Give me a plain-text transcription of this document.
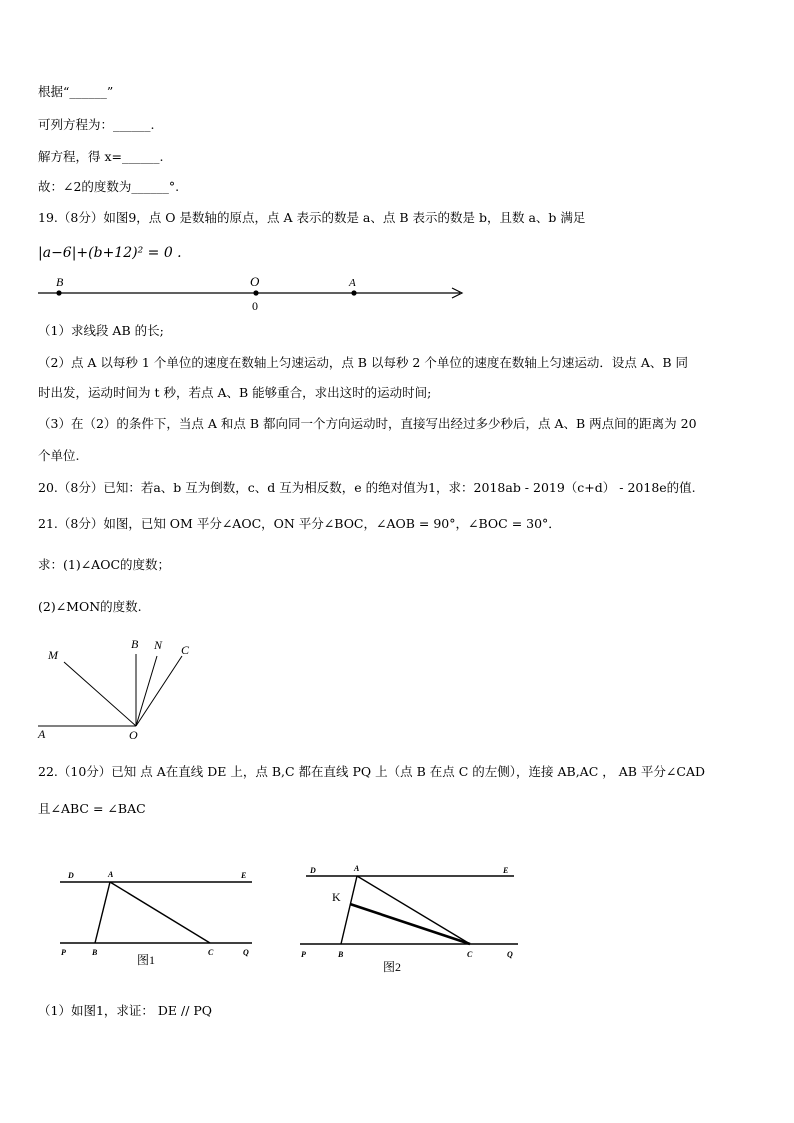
根据“______”
可列方程为：______.
解方程，得 x=______.
故：∠2的度数为______°.
19.（8分）如图9，点 O 是数轴的原点，点 A 表示的数是 a、点 B 表示的数是 b，且数 a、b 满足
|a−6|+(b+12)² = 0 .
B	O
0
A
（1）求线段 AB 的长;
（2）点 A 以每秒 1 个单位的速度在数轴上匀速运动，点 B 以每秒 2 个单位的速度在数轴上匀速运动．设点 A、B 同
时出发，运动时间为 t 秒，若点 A、B 能够重合，求出这时的运动时间;
（3）在（2）的条件下，当点 A 和点 B 都向同一个方向运动时，直接写出经过多少秒后，点 A、B 两点间的距离为 20
个单位.
20.（8分）已知：若a、b 互为倒数，c、d 互为相反数，e 的绝对值为1，求：2018ab - 2019（c+d） - 2018e的值.
21.（8分）如图，已知 OM 平分∠AOC，ON 平分∠BOC，∠AOB = 90°，∠BOC = 30°．
求：(1)∠AOC的度数；
(2)∠MON的度数.
M
B N C
A	O
22.（10分）已知 点 A在直线 DE 上，点 B,C 都在直线 PQ 上（点 B 在点 C 的左侧），连接 AB,AC ， AB 平分∠CAD
且∠ABC = ∠BAC
D	A	E
P	B	C	Q
图1
D	A	E
K
P	B	C	Q
图2
（1）如图1，求证： DE // PQ
